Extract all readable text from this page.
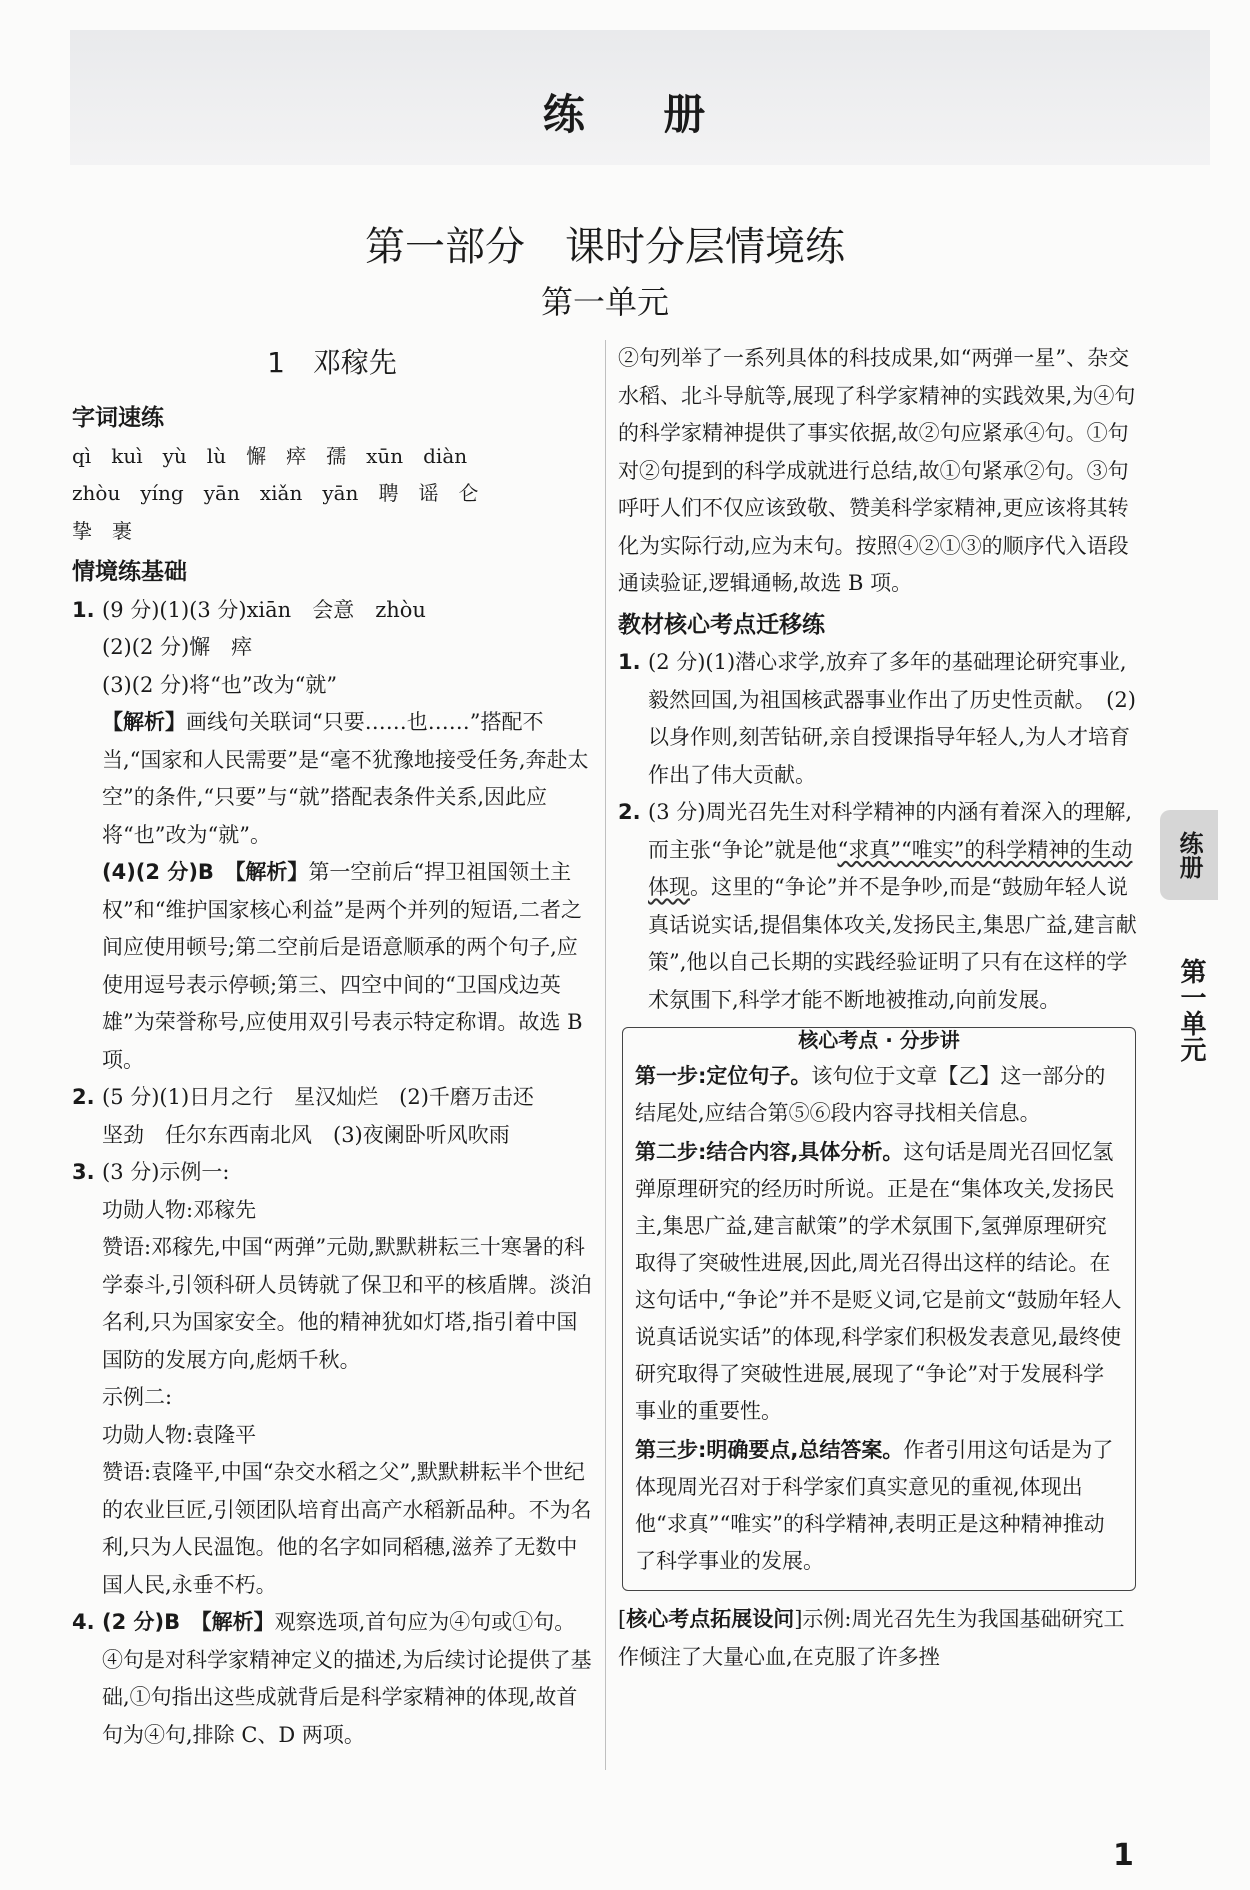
练 册
第一部分　课时分层情境练
第一单元
1　邓稼先
字词速练
qì kuì yù lù 懈 瘁 孺 xūn diàn
zhòu yíng yān xiǎn yān 聘 谣 仑
挚 裹
情境练基础
1. (9 分)(1)(3 分)xiān　会意　zhòu
(2)(2 分)懈　瘁
(3)(2 分)将“也”改为“就”
【解析】画线句关联词“只要……也……”搭配不当,“国家和人民需要”是“毫不犹豫地接受任务,奔赴太空”的条件,“只要”与“就”搭配表条件关系,因此应将“也”改为“就”。
(4)(2 分)B　 【解析】第一空前后“捍卫祖国领土主权”和“维护国家核心利益”是两个并列的短语,二者之间应使用顿号;第二空前后是语意顺承的两个句子,应使用逗号表示停顿;第三、四空中间的“卫国戍边英雄”为荣誉称号,应使用双引号表示特定称谓。故选 B 项。
2. (5 分)(1)日月之行　星汉灿烂　(2)千磨万击还
坚劲　任尔东西南北风　(3)夜阑卧听风吹雨
3. (3 分)示例一:
功勋人物:邓稼先
赞语:邓稼先,中国“两弹”元勋,默默耕耘三十寒暑的科学泰斗,引领科研人员铸就了保卫和平的核盾牌。淡泊名利,只为国家安全。他的精神犹如灯塔,指引着中国国防的发展方向,彪炳千秋。
示例二:
功勋人物:袁隆平
赞语:袁隆平,中国“杂交水稻之父”,默默耕耘半个世纪的农业巨匠,引领团队培育出高产水稻新品种。不为名利,只为人民温饱。他的名字如同稻穗,滋养了无数中国人民,永垂不朽。
4. (2 分)B　 【解析】观察选项,首句应为④句或①句。④句是对科学家精神定义的描述,为后续讨论提供了基础,①句指出这些成就背后是科学家精神的体现,故首句为④句,排除 C、D 两项。
②句列举了一系列具体的科技成果,如“两弹一星”、杂交水稻、北斗导航等,展现了科学家精神的实践效果,为④句的科学家精神提供了事实依据,故②句应紧承④句。①句对②句提到的科学成就进行总结,故①句紧承②句。③句呼吁人们不仅应该致敬、赞美科学家精神,更应该将其转化为实际行动,应为末句。按照④②①③的顺序代入语段通读验证,逻辑通畅,故选 B 项。
教材核心考点迁移练
1. (2 分)(1)潜心求学,放弃了多年的基础理论研究事业,毅然回国,为祖国核武器事业作出了历史性贡献。　(2)以身作则,刻苦钻研,亲自授课指导年轻人,为人才培育作出了伟大贡献。
2. (3 分)周光召先生对科学精神的内涵有着深入的理解,而主张“争论”就是他“求真”“唯实”的科学精神的生动体现。这里的“争论”并不是争吵,而是“鼓励年轻人说真话说实话,提倡集体攻关,发扬民主,集思广益,建言献策”,他以自己长期的实践经验证明了只有在这样的学术氛围下,科学才能不断地被推动,向前发展。
核心考点 · 分步讲

第一步:定位句子。该句位于文章【乙】这一部分的结尾处,应结合第⑤⑥段内容寻找相关信息。

第二步:结合内容,具体分析。这句话是周光召回忆氢弹原理研究的经历时所说。正是在“集体攻关,发扬民主,集思广益,建言献策”的学术氛围下,氢弹原理研究取得了突破性进展,因此,周光召得出这样的结论。在这句话中,“争论”并不是贬义词,它是前文“鼓励年轻人说真话说实话”的体现,科学家们积极发表意见,最终使研究取得了突破性进展,展现了“争论”对于发展科学事业的重要性。

第三步:明确要点,总结答案。作者引用这句话是为了体现周光召对于科学家们真实意见的重视,体现出他“求真”“唯实”的科学精神,表明正是这种精神推动了科学事业的发展。

[核心考点拓展设问]示例:周光召先生为我国基础研究工作倾注了大量心血,在克服了许多挫
练册
第一单元
1
